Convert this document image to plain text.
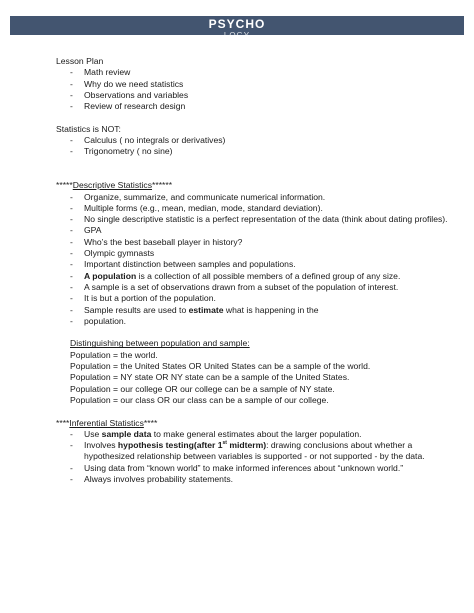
PSYCHO
LOGY

Lesson Plan

- Math review
- Why do we need statistics
- Observations and variables
- Review of research design

Statistics is NOT:

- Calculus ( no integrals or derivatives)
- Trigonometry ( no sine)

*****Descriptive Statistics******

- Organize, summarize, and communicate numerical information.
- Multiple forms (e.g., mean, median, mode, standard deviation).
- No single descriptive statistic is a perfect representation of the data (think about dating profiles).
- GPA
- Who’s the best baseball player in history?
- Olympic gymnasts
- Important distinction between samples and populations.
- A population is a collection of all possible members of a defined group of any size.
- A sample is a set of observations drawn from a subset of the population of interest.
- It is but a portion of the population.
- Sample results are used to estimate what is happening in the
- population.

Distinguishing between population and sample:

Population = the world.

Population = the United States OR United States can be a sample of the world.

Population = NY state OR NY state can be a sample of the United States.

Population = our college OR our college can be a sample of NY state.

Population = our class OR our class can be a sample of our college.

****Inferential Statistics****

- Use sample data to make general estimates about the larger population.
- Involves hypothesis testing(after 1st midterm): drawing conclusions about whether a hypothesized relationship between variables is supported - or not supported - by the data.
- Using data from “known world” to make informed inferences about “unknown world.”
- Always involves probability statements.
